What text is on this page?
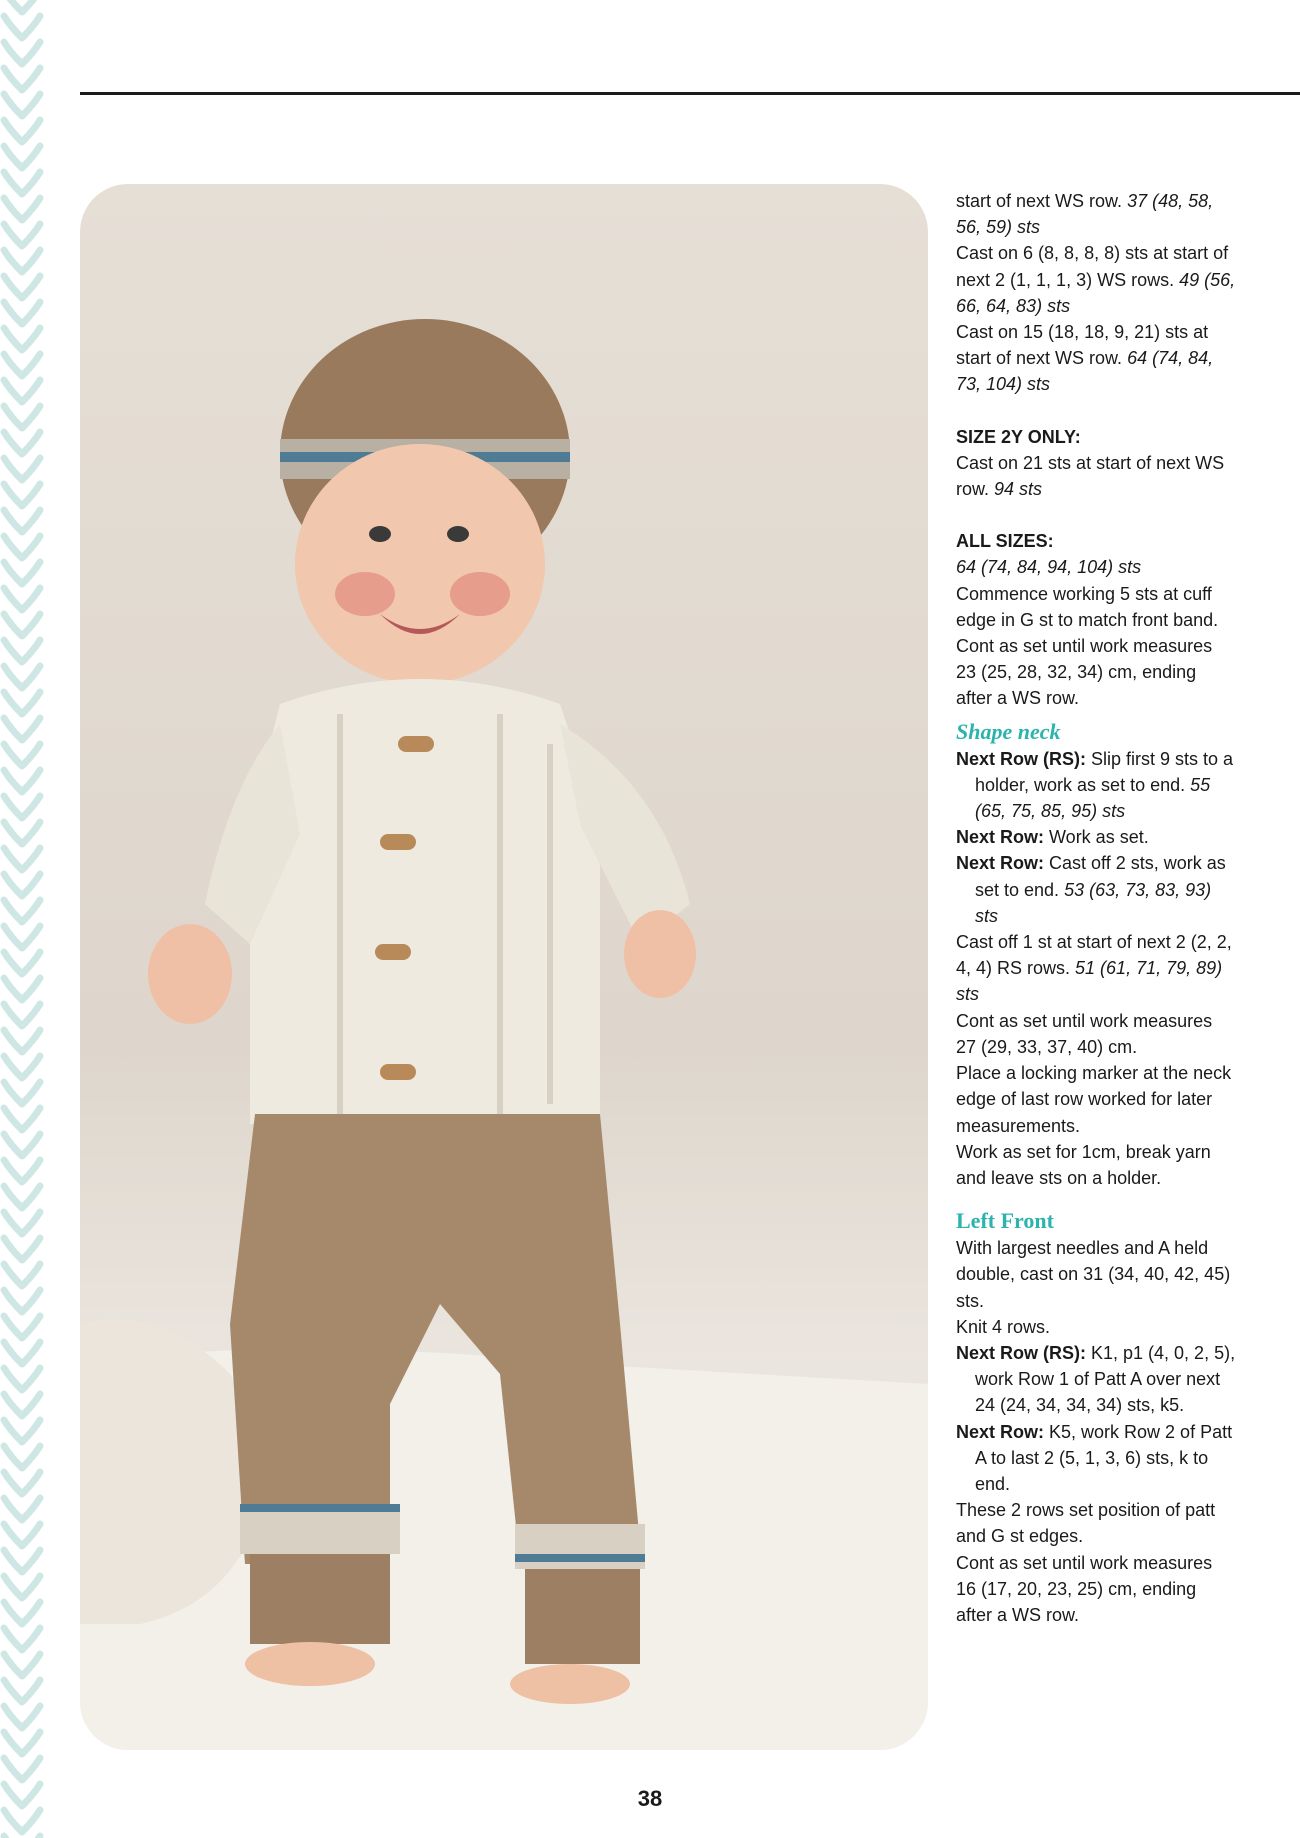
start of next WS row. 37 (48, 58, 56, 59) sts

Cast on 6 (8, 8, 8, 8) sts at start of next 2 (1, 1, 1, 3) WS rows. 49 (56, 66, 64, 83) sts

Cast on 15 (18, 18, 9, 21) sts at start of next WS row. 64 (74, 84, 73, 104) sts

SIZE 2Y ONLY:

Cast on 21 sts at start of next WS row. 94 sts

ALL SIZES:

64 (74, 84, 94, 104) sts

Commence working 5 sts at cuff edge in G st to match front band.

Cont as set until work measures 23 (25, 28, 32, 34) cm, ending after a WS row.

Shape neck

Next Row (RS): Slip first 9 sts to a holder, work as set to end. 55 (65, 75, 85, 95) sts

Next Row: Work as set.

Next Row: Cast off 2 sts, work as set to end. 53 (63, 73, 83, 93) sts

Cast off 1 st at start of next 2 (2, 2, 4, 4) RS rows. 51 (61, 71, 79, 89) sts

Cont as set until work measures 27 (29, 33, 37, 40) cm.

Place a locking marker at the neck edge of last row worked for later measurements.

Work as set for 1cm, break yarn and leave sts on a holder.

Left Front

With largest needles and A held double, cast on 31 (34, 40, 42, 45) sts.

Knit 4 rows.

Next Row (RS): K1, p1 (4, 0, 2, 5), work Row 1 of Patt A over next 24 (24, 34, 34, 34) sts, k5.

Next Row: K5, work Row 2 of Patt A to last 2 (5, 1, 3, 6) sts, k to end.

These 2 rows set position of patt and G st edges.

Cont as set until work measures 16 (17, 20, 23, 25) cm, ending after a WS row.

38
